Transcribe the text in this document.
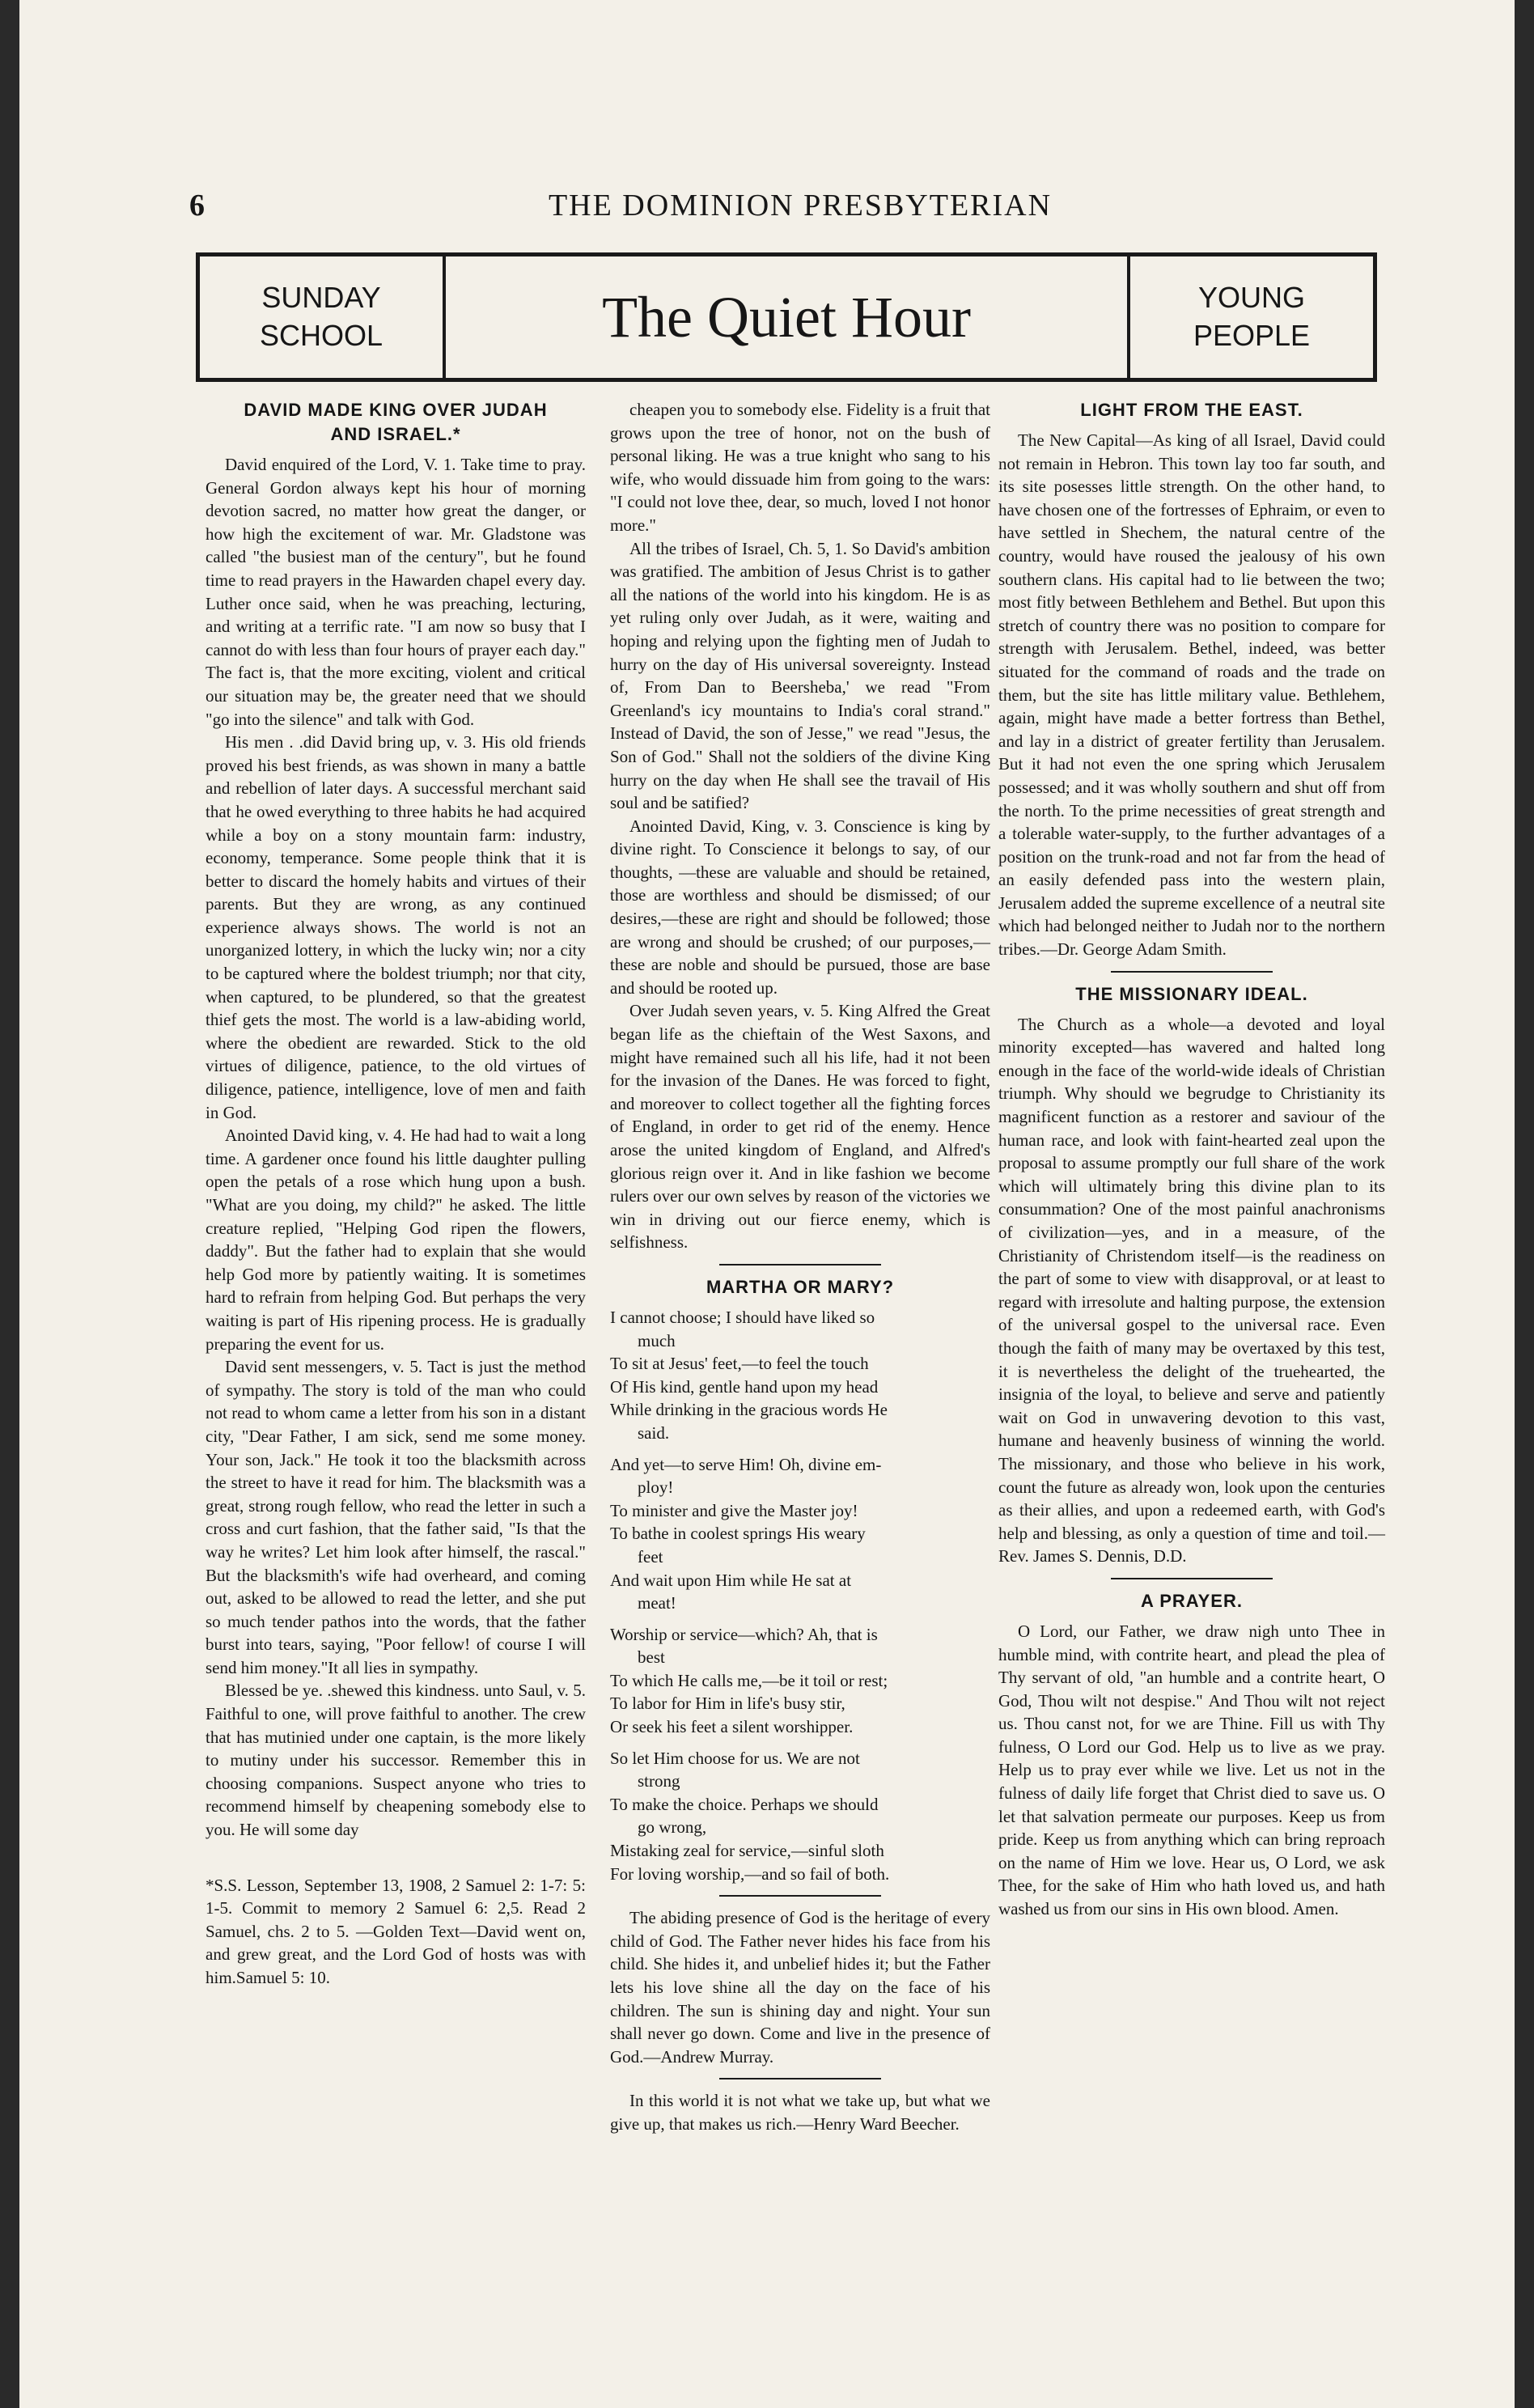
6	THE DOMINION PRESBYTERIAN
SUNDAY
SCHOOL	The Quiet Hour	YOUNG
PEOPLE
DAVID MADE KING OVER JUDAH
AND ISRAEL.*

David enquired of the Lord, V. 1. Take time to pray. General Gordon always kept his hour of morning devotion sacred, no matter how great the danger, or how high the excitement of war. Mr. Gladstone was called "the busiest man of the century", but he found time to read prayers in the Hawarden chapel every day. Luther once said, when he was preaching, lecturing, and writing at a terrific rate. "I am now so busy that I cannot do with less than four hours of prayer each day." The fact is, that the more exciting, violent and critical our situation may be, the greater need that we should "go into the silence" and talk with God.

His men . .did David bring up, v. 3. His old friends proved his best friends, as was shown in many a battle and rebellion of later days. A successful merchant said that he owed everything to three habits he had acquired while a boy on a stony mountain farm: industry, economy, temperance. Some people think that it is better to discard the homely habits and virtues of their parents. But they are wrong, as any continued experience always shows. The world is not an unorganized lottery, in which the lucky win; nor a city to be captured where the boldest triumph; nor that city, when captured, to be plundered, so that the greatest thief gets the most. The world is a law-abiding world, where the obedient are rewarded. Stick to the old virtues of diligence, patience, to the old virtues of diligence, patience, intelligence, love of men and faith in God.

Anointed David king, v. 4. He had had to wait a long time. A gardener once found his little daughter pulling open the petals of a rose which hung upon a bush. "What are you doing, my child?" he asked. The little creature replied, "Helping God ripen the flowers, daddy". But the father had to explain that she would help God more by patiently waiting. It is sometimes hard to refrain from helping God. But perhaps the very waiting is part of His ripening process. He is gradually preparing the event for us.

David sent messengers, v. 5. Tact is just the method of sympathy. The story is told of the man who could not read to whom came a letter from his son in a distant city, "Dear Father, I am sick, send me some money. Your son, Jack." He took it too the blacksmith across the street to have it read for him. The blacksmith was a great, strong rough fellow, who read the letter in such a cross and curt fashion, that the father said, "Is that the way he writes? Let him look after himself, the rascal." But the blacksmith's wife had overheard, and coming out, asked to be allowed to read the letter, and she put so much tender pathos into the words, that the father burst into tears, saying, "Poor fellow! of course I will send him money."It all lies in sympathy.

Blessed be ye. .shewed this kindness. unto Saul, v. 5. Faithful to one, will prove faithful to another. The crew that has mutinied under one captain, is the more likely to mutiny under his successor. Remember this in choosing companions. Suspect anyone who tries to recommend himself by cheapening somebody else to you. He will some day

*S.S. Lesson, September 13, 1908, 2 Samuel 2: 1-7: 5: 1-5. Commit to memory 2 Samuel 6: 2,5. Read 2 Samuel, chs. 2 to 5. —Golden Text—David went on, and grew great, and the Lord God of hosts was with him.Samuel 5: 10.

cheapen you to somebody else. Fidelity is a fruit that grows upon the tree of honor, not on the bush of personal liking. He was a true knight who sang to his wife, who would dissuade him from going to the wars: "I could not love thee, dear, so much, loved I not honor more."

All the tribes of Israel, Ch. 5, 1. So David's ambition was gratified. The ambition of Jesus Christ is to gather all the nations of the world into his kingdom. He is as yet ruling only over Judah, as it were, waiting and hoping and relying upon the fighting men of Judah to hurry on the day of His universal sovereignty. Instead of, From Dan to Beersheba,' we read "From Greenland's icy mountains to India's coral strand." Instead of David, the son of Jesse," we read "Jesus, the Son of God." Shall not the soldiers of the divine King hurry on the day when He shall see the travail of His soul and be satified?

Anointed David, King, v. 3. Conscience is king by divine right. To Conscience it belongs to say, of our thoughts, —these are valuable and should be retained, those are worthless and should be dismissed; of our desires,—these are right and should be followed; those are wrong and should be crushed; of our purposes,—these are noble and should be pursued, those are base and should be rooted up.

Over Judah seven years, v. 5. King Alfred the Great began life as the chieftain of the West Saxons, and might have remained such all his life, had it not been for the invasion of the Danes. He was forced to fight, and moreover to collect together all the fighting forces of England, in order to get rid of the enemy. Hence arose the united kingdom of England, and Alfred's glorious reign over it. And in like fashion we become rulers over our own selves by reason of the victories we win in driving out our fierce enemy, which is selfishness.

MARTHA OR MARY?

I cannot choose; I should have liked so
much
To sit at Jesus' feet,—to feel the touch
Of His kind, gentle hand upon my head
While drinking in the gracious words He
said.

And yet—to serve Him! Oh, divine em-
ploy!
To minister and give the Master joy!
To bathe in coolest springs His weary
feet
And wait upon Him while He sat at
meat!

Worship or service—which? Ah, that is
best
To which He calls me,—be it toil or rest;
To labor for Him in life's busy stir,
Or seek his feet a silent worshipper.

So let Him choose for us. We are not
strong
To make the choice. Perhaps we should
go wrong,
Mistaking zeal for service,—sinful sloth
For loving worship,—and so fail of both.

The abiding presence of God is the heritage of every child of God. The Father never hides his face from his child. She hides it, and unbelief hides it; but the Father lets his love shine all the day on the face of his children. The sun is shining day and night. Your sun shall never go down. Come and live in the presence of God.—Andrew Murray.

In this world it is not what we take up, but what we give up, that makes us rich.—Henry Ward Beecher.

LIGHT FROM THE EAST.

The New Capital—As king of all Israel, David could not remain in Hebron. This town lay too far south, and its site posesses little strength. On the other hand, to have chosen one of the fortresses of Ephraim, or even to have settled in Shechem, the natural centre of the country, would have roused the jealousy of his own southern clans. His capital had to lie between the two; most fitly between Bethlehem and Bethel. But upon this stretch of country there was no position to compare for strength with Jerusalem. Bethel, indeed, was better situated for the command of roads and the trade on them, but the site has little military value. Bethlehem, again, might have made a better fortress than Bethel, and lay in a district of greater fertility than Jerusalem. But it had not even the one spring which Jerusalem possessed; and it was wholly southern and shut off from the north. To the prime necessities of great strength and a tolerable water-supply, to the further advantages of a position on the trunk-road and not far from the head of an easily defended pass into the western plain, Jerusalem added the supreme excellence of a neutral site which had belonged neither to Judah nor to the northern tribes.—Dr. George Adam Smith.

THE MISSIONARY IDEAL.

The Church as a whole—a devoted and loyal minority excepted—has wavered and halted long enough in the face of the world-wide ideals of Christian triumph. Why should we begrudge to Christianity its magnificent function as a restorer and saviour of the human race, and look with faint-hearted zeal upon the proposal to assume promptly our full share of the work which will ultimately bring this divine plan to its consummation? One of the most painful anachronisms of civilization—yes, and in a measure, of the Christianity of Christendom itself—is the readiness on the part of some to view with disapproval, or at least to regard with irresolute and halting purpose, the extension of the universal gospel to the universal race. Even though the faith of many may be overtaxed by this test, it is nevertheless the delight of the truehearted, the insignia of the loyal, to believe and serve and patiently wait on God in unwavering devotion to this vast, humane and heavenly business of winning the world. The missionary, and those who believe in his work, count the future as already won, look upon the centuries as their allies, and upon a redeemed earth, with God's help and blessing, as only a question of time and toil.—Rev. James S. Dennis, D.D.

A PRAYER.

O Lord, our Father, we draw nigh unto Thee in humble mind, with contrite heart, and plead the plea of Thy servant of old, "an humble and a contrite heart, O God, Thou wilt not despise." And Thou wilt not reject us. Thou canst not, for we are Thine. Fill us with Thy fulness, O Lord our God. Help us to live as we pray. Help us to pray ever while we live. Let us not in the fulness of daily life forget that Christ died to save us. O let that salvation permeate our purposes. Keep us from pride. Keep us from anything which can bring reproach on the name of Him we love. Hear us, O Lord, we ask Thee, for the sake of Him who hath loved us, and hath washed us from our sins in His own blood. Amen.
